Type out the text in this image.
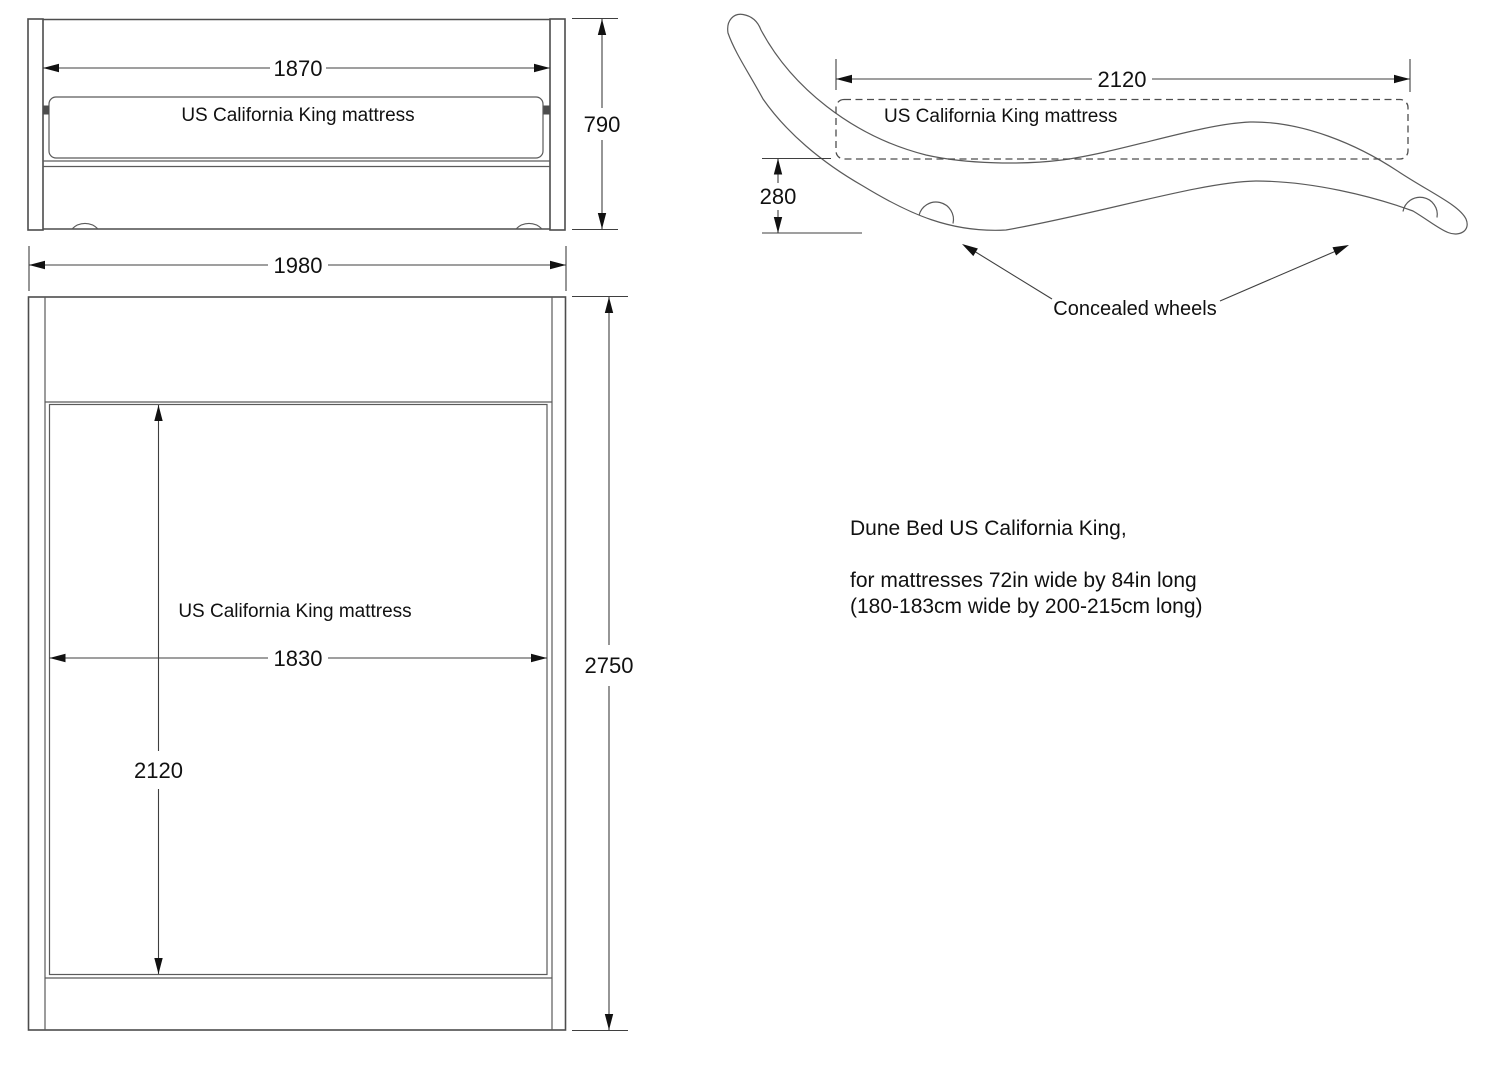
US California King mattress
1870
790
1980
US California King mattress
2120
1830	2750
US California King mattress
2120
280
Concealed wheels
Dune Bed US California King,
for mattresses 72in wide by 84in long
(180-183cm wide by 200-215cm long)
